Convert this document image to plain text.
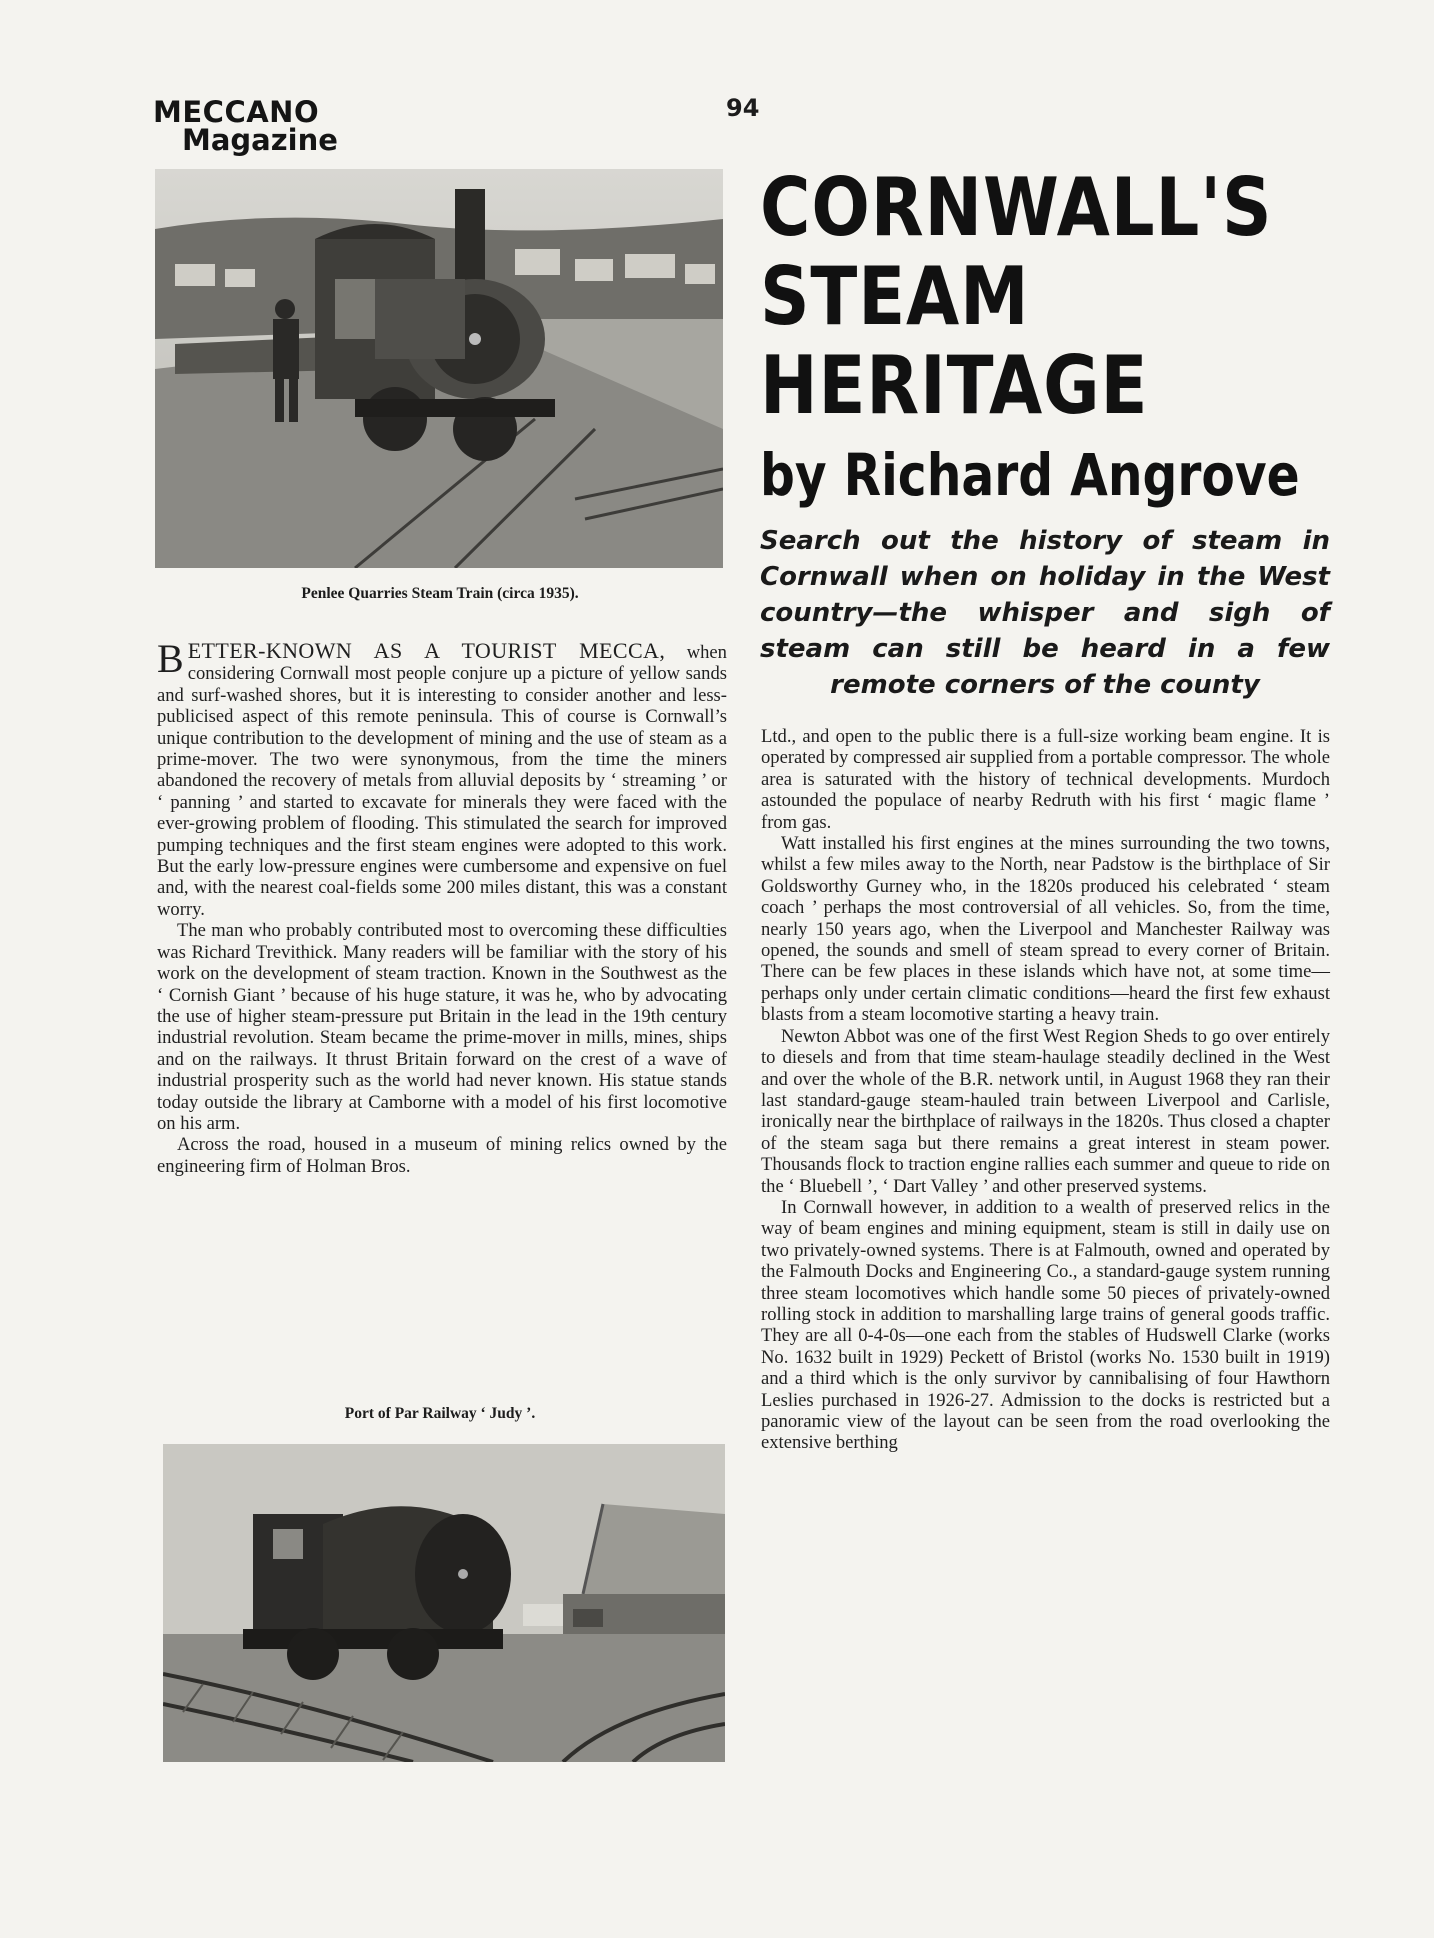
MECCANO

Magazine

94

Penlee Quarries Steam Train (circa 1935).

CORNWALL'S
STEAM
HERITAGE

by Richard Angrove

Search out the history of steam in Cornwall when on holiday in the West country—the whisper and sigh of steam can still be heard in a few remote corners of the county

BETTER-KNOWN AS A TOURIST MECCA, when considering Cornwall most people conjure up a picture of yellow sands and surf-washed shores, but it is interesting to consider another and less-publicised aspect of this remote peninsula. This of course is Cornwall’s unique contribution to the development of mining and the use of steam as a prime-mover. The two were synonymous, from the time the miners abandoned the recovery of metals from alluvial deposits by ‘ streaming ’ or ‘ panning ’ and started to excavate for minerals they were faced with the ever-growing problem of flooding. This stimulated the search for improved pumping techniques and the first steam engines were adopted to this work. But the early low-pressure engines were cumbersome and expensive on fuel and, with the nearest coal-fields some 200 miles distant, this was a constant worry.

The man who probably contributed most to overcoming these difficulties was Richard Trevithick. Many readers will be familiar with the story of his work on the development of steam traction. Known in the Southwest as the ‘ Cornish Giant ’ because of his huge stature, it was he, who by advocating the use of higher steam-pressure put Britain in the lead in the 19th century industrial revolution. Steam became the prime-mover in mills, mines, ships and on the railways. It thrust Britain forward on the crest of a wave of industrial prosperity such as the world had never known. His statue stands today outside the library at Camborne with a model of his first locomotive on his arm.

Across the road, housed in a museum of mining relics owned by the engineering firm of Holman Bros.

Port of Par Railway ‘ Judy ’.

Ltd., and open to the public there is a full-size working beam engine. It is operated by compressed air supplied from a portable compressor. The whole area is saturated with the history of technical developments. Murdoch astounded the populace of nearby Redruth with his first ‘ magic flame ’ from gas.

Watt installed his first engines at the mines surrounding the two towns, whilst a few miles away to the North, near Padstow is the birthplace of Sir Goldsworthy Gurney who, in the 1820s produced his celebrated ‘ steam coach ’ perhaps the most controversial of all vehicles. So, from the time, nearly 150 years ago, when the Liverpool and Manchester Railway was opened, the sounds and smell of steam spread to every corner of Britain. There can be few places in these islands which have not, at some time—perhaps only under certain climatic conditions—heard the first few exhaust blasts from a steam locomotive starting a heavy train.

Newton Abbot was one of the first West Region Sheds to go over entirely to diesels and from that time steam-haulage steadily declined in the West and over the whole of the B.R. network until, in August 1968 they ran their last standard-gauge steam-hauled train between Liverpool and Carlisle, ironically near the birthplace of railways in the 1820s. Thus closed a chapter of the steam saga but there remains a great interest in steam power. Thousands flock to traction engine rallies each summer and queue to ride on the ‘ Bluebell ’, ‘ Dart Valley ’ and other preserved systems.

In Cornwall however, in addition to a wealth of preserved relics in the way of beam engines and mining equipment, steam is still in daily use on two privately-owned systems. There is at Falmouth, owned and operated by the Falmouth Docks and Engineering Co., a standard-gauge system running three steam locomotives which handle some 50 pieces of privately-owned rolling stock in addition to marshalling large trains of general goods traffic. They are all 0-4-0s—one each from the stables of Hudswell Clarke (works No. 1632 built in 1929) Peckett of Bristol (works No. 1530 built in 1919) and a third which is the only survivor by cannibalising of four Hawthorn Leslies purchased in 1926-27. Admission to the docks is restricted but a panoramic view of the layout can be seen from the road overlooking the extensive berthing
